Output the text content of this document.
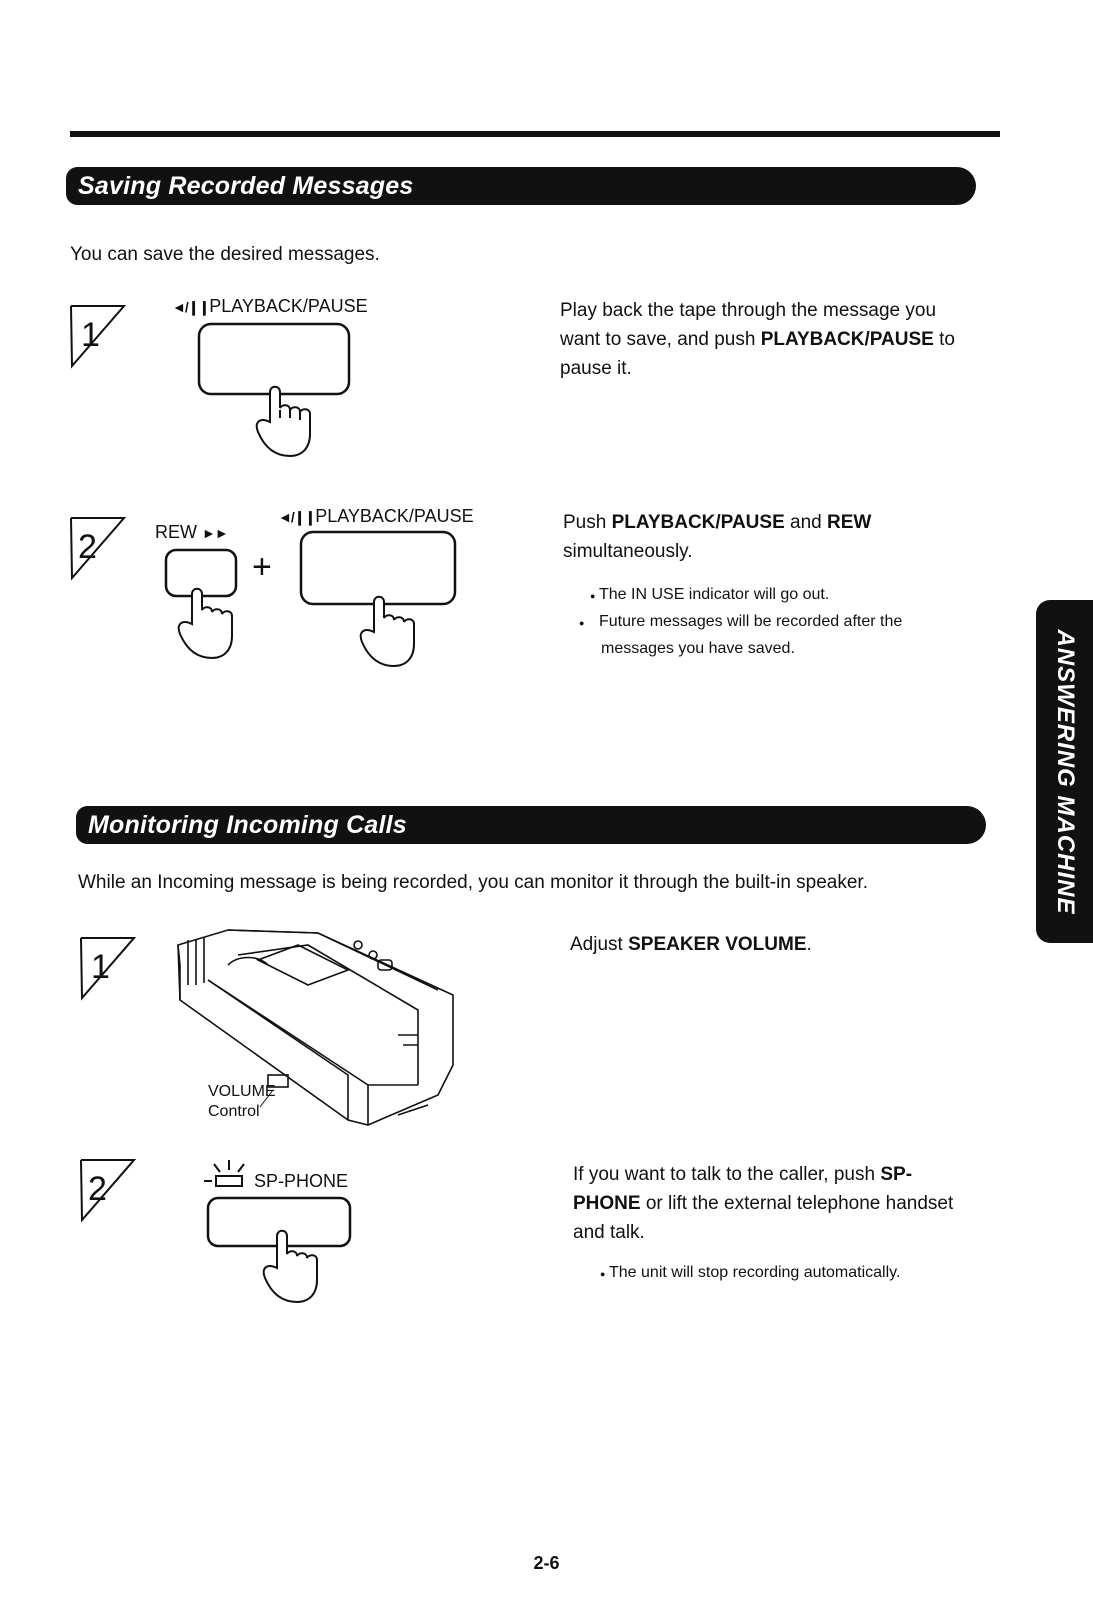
Saving Recorded Messages
You can save the desired messages.
1
◄/❙❙PLAYBACK/PAUSE	Play back the tape through the message you want to save, and push PLAYBACK/PAUSE to pause it.
2	REW ►►
+
◄/❙❙PLAYBACK/PAUSE	Push PLAYBACK/PAUSE and REW
simultaneously.
● The IN USE indicator will go out.
● Future messages will be recorded after the messages you have saved.
Monitoring Incoming Calls
While an Incoming message is being recorded, you can monitor it through the built-in speaker.
1
VOLUME
Control
Adjust SPEAKER VOLUME.
2	SP-PHONE	If you want to talk to the caller, push SP-PHONE or lift the external telephone handset and talk.
● The unit will stop recording automatically.
ANSWERING MACHINE
2-6
